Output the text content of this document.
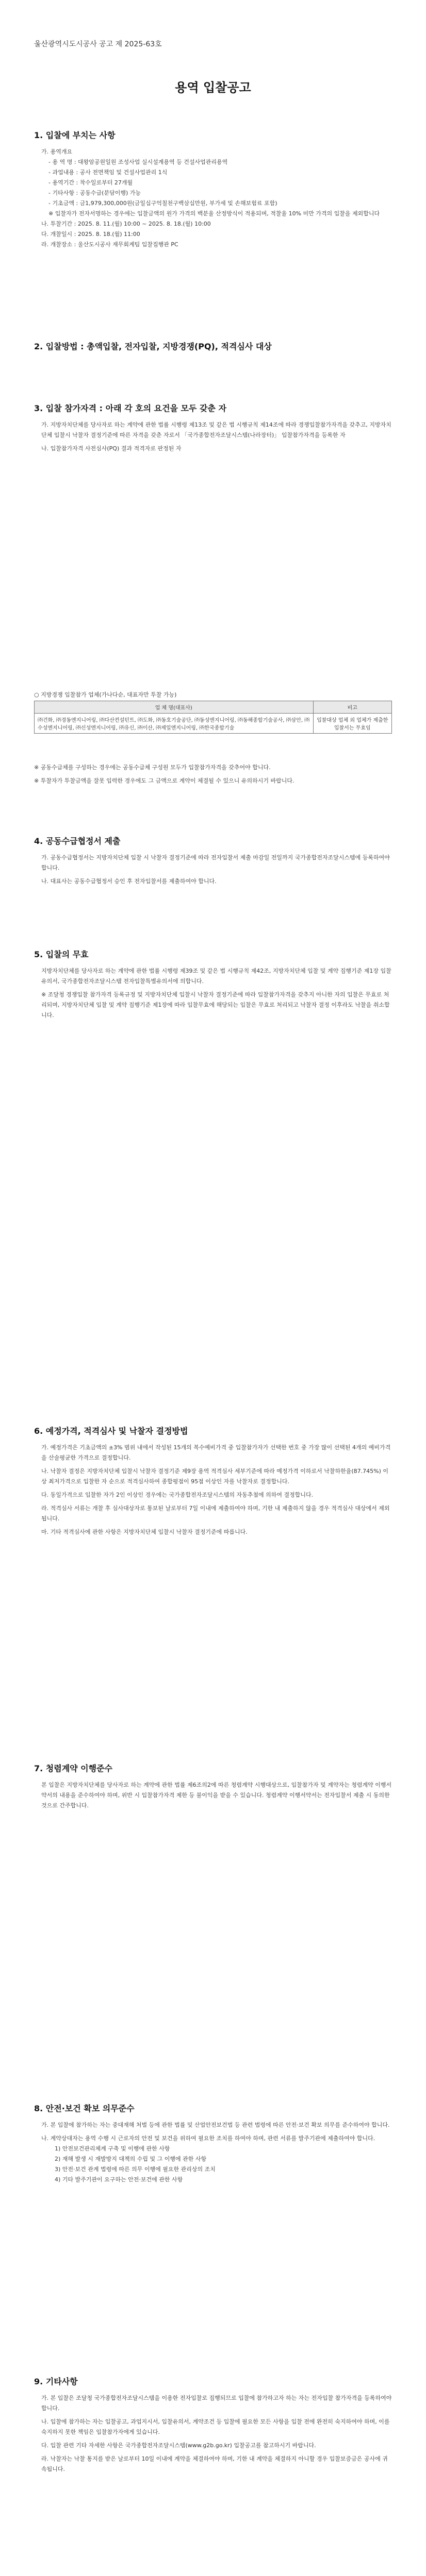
울산광역시도시공사 공고 제 2025-63호
용역 입찰공고
1. 입찰에 부치는 사항

가. 용역개요

- 용 역 명 : 대왕암공원일원 조성사업 실시설계용역 등 건설사업관리용역

- 과업내용 : 공사 전면책임 및 건설사업관리 1식

- 용역기간 : 착수일로부터 27개월

- 기타사항 : 공동수급(분담이행) 가능

- 기초금액 : 금1,979,300,000원(금일십구억칠천구백삼십만원, 부가세 및 손해보험료 포함)

※ 입찰자가 전자서명하는 경우에는 입찰금액의 원가 가격의 백분율 산정방식이 적용되며, 적찰율 10% 미만 가격의 입찰을 제외합니다

나. 투찰기간 : 2025. 8. 11.(월) 10:00 ~ 2025. 8. 18.(월) 10:00

다. 개찰일시 : 2025. 8. 18.(월) 11:00

라. 개찰장소 : 울산도시공사 재무회계팀 입찰집행관 PC

2. 입찰방법 : 총액입찰, 전자입찰, 지방경쟁(PQ), 적격심사 대상
3. 입찰 참가자격 : 아래 각 호의 요건을 모두 갖춘 자

가. 지방자치단체를 당사자로 하는 계약에 관한 법률 시행령 제13조 및 같은 법 시행규칙 제14조에 따라 경쟁입찰참가자격을 갖추고, 지방자치단체 입찰시 낙찰자 결정기준에 따른 자격을 갖춘 자로서 「국가종합전자조달시스템(나라장터)」 입찰참가자격을 등록한 자

나. 입찰참가자격 사전심사(PQ) 결과 적격자로 판정된 자

○ 지방경쟁 입찰참가 업체(가나다순, 대표자만 투찰 가능)
업 체 명(대표사)	비고
㈜건화, ㈜경동엔지니어링, ㈜다산컨설턴트, ㈜도화, ㈜동호기술공단, ㈜동성엔지니어링, ㈜동해종합기술공사, ㈜삼안, ㈜수성엔지니어링, ㈜신성엔지니어링, ㈜유신, ㈜이산, ㈜제일엔지니어링, ㈜한국종합기술	입찰대상 업체 외 업체가 제출한 입찰서는 무효임

※ 공동수급체를 구성하는 경우에는 공동수급체 구성원 모두가 입찰참가자격을 갖추어야 합니다.

※ 투찰자가 투찰금액을 잘못 입력한 경우에도 그 금액으로 계약이 체결될 수 있으니 유의하시기 바랍니다.

4. 공동수급협정서 제출

가. 공동수급협정서는 지방자치단체 입찰 시 낙찰자 결정기준에 따라 전자입찰서 제출 마감일 전일까지 국가종합전자조달시스템에 등록하여야 합니다.

나. 대표사는 공동수급협정서 승인 후 전자입찰서를 제출하여야 합니다.

5. 입찰의 무효

지방자치단체를 당사자로 하는 계약에 관한 법률 시행령 제39조 및 같은 법 시행규칙 제42조, 지방자치단체 입찰 및 계약 집행기준 제1장 입찰유의서, 국가종합전자조달시스템 전자입찰특별유의서에 의합니다.

※ 조달청 경쟁입찰 참가자격 등록규정 및 지방자치단체 입찰시 낙찰자 결정기준에 따라 입찰참가자격을 갖추지 아니한 자의 입찰은 무효로 처리되며, 지방자치단체 입찰 및 계약 집행기준 제1장에 따라 입찰무효에 해당되는 입찰은 무효로 처리되고 낙찰자 결정 이후라도 낙찰을 취소합니다.

6. 예정가격, 적격심사 및 낙찰자 결정방법

가. 예정가격은 기초금액의 ±3% 범위 내에서 작성된 15개의 복수예비가격 중 입찰참가자가 선택한 번호 중 가장 많이 선택된 4개의 예비가격을 산술평균한 가격으로 결정합니다.

나. 낙찰자 결정은 지방자치단체 입찰시 낙찰자 결정기준 제9장 용역 적격심사 세부기준에 따라 예정가격 이하로서 낙찰하한율(87.745%) 이상 최저가격으로 입찰한 자 순으로 적격심사하여 종합평점이 95점 이상인 자를 낙찰자로 결정합니다.

다. 동일가격으로 입찰한 자가 2인 이상인 경우에는 국가종합전자조달시스템의 자동추첨에 의하여 결정합니다.

라. 적격심사 서류는 개찰 후 심사대상자로 통보된 날로부터 7일 이내에 제출하여야 하며, 기한 내 제출하지 않을 경우 적격심사 대상에서 제외됩니다.

마. 기타 적격심사에 관한 사항은 지방자치단체 입찰시 낙찰자 결정기준에 따릅니다.

7. 청렴계약 이행준수

본 입찰은 지방자치단체를 당사자로 하는 계약에 관한 법률 제6조의2에 따른 청렴계약 시행대상으로, 입찰참가자 및 계약자는 청렴계약 이행서약서의 내용을 준수하여야 하며, 위반 시 입찰참가자격 제한 등 불이익을 받을 수 있습니다. 청렴계약 이행서약서는 전자입찰서 제출 시 동의한 것으로 간주합니다.

8. 안전·보건 확보 의무준수

가. 본 입찰에 참가하는 자는 중대재해 처벌 등에 관한 법률 및 산업안전보건법 등 관련 법령에 따른 안전·보건 확보 의무를 준수하여야 합니다.

나. 계약상대자는 용역 수행 시 근로자의 안전 및 보건을 위하여 필요한 조치를 하여야 하며, 관련 서류를 발주기관에 제출하여야 합니다.

1) 안전보건관리체계 구축 및 이행에 관한 사항

2) 재해 발생 시 재발방지 대책의 수립 및 그 이행에 관한 사항

3) 안전·보건 관계 법령에 따른 의무 이행에 필요한 관리상의 조치

4) 기타 발주기관이 요구하는 안전·보건에 관한 사항

9. 기타사항

가. 본 입찰은 조달청 국가종합전자조달시스템을 이용한 전자입찰로 집행되므로 입찰에 참가하고자 하는 자는 전자입찰 참가자격을 등록하여야 합니다.

나. 입찰에 참가하는 자는 입찰공고, 과업지시서, 입찰유의서, 계약조건 등 입찰에 필요한 모든 사항을 입찰 전에 완전히 숙지하여야 하며, 이를 숙지하지 못한 책임은 입찰참가자에게 있습니다.

다. 입찰 관련 기타 자세한 사항은 국가종합전자조달시스템(www.g2b.go.kr) 입찰공고를 참고하시기 바랍니다.

라. 낙찰자는 낙찰 통지를 받은 날로부터 10일 이내에 계약을 체결하여야 하며, 기한 내 계약을 체결하지 아니할 경우 입찰보증금은 공사에 귀속됩니다.
